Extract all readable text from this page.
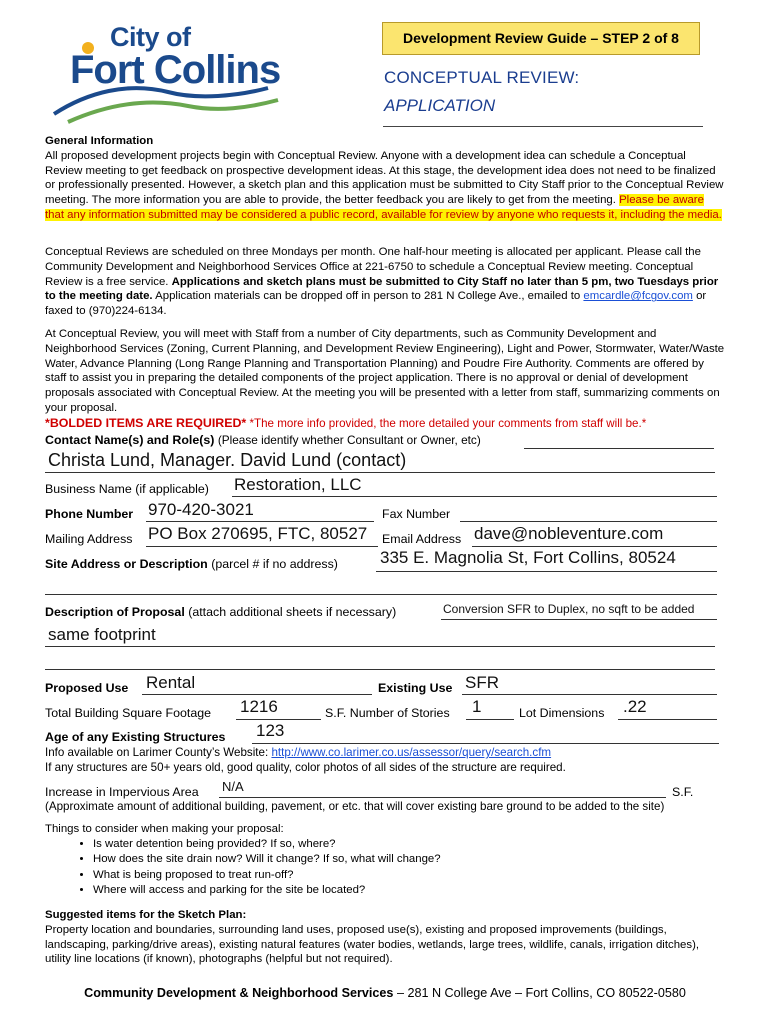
City of
Fort Collins
Development Review Guide – STEP 2 of 8
CONCEPTUAL REVIEW:
APPLICATION
General Information
All proposed development projects begin with Conceptual Review. Anyone with a development idea can schedule a Conceptual Review meeting to get feedback on prospective development ideas. At this stage, the development idea does not need to be finalized or professionally presented. However, a sketch plan and this application must be submitted to City Staff prior to the Conceptual Review meeting. The more information you are able to provide, the better feedback you are likely to get from the meeting. Please be aware that any information submitted may be considered a public record, available for review by anyone who requests it, including the media.
Conceptual Reviews are scheduled on three Mondays per month. One half-hour meeting is allocated per applicant. Please call the Community Development and Neighborhood Services Office at 221-6750 to schedule a Conceptual Review meeting. Conceptual Review is a free service. Applications and sketch plans must be submitted to City Staff no later than 5 pm, two Tuesdays prior to the meeting date. Application materials can be dropped off in person to 281 N College Ave., emailed to emcardle@fcgov.com or faxed to (970)224-6134.
At Conceptual Review, you will meet with Staff from a number of City departments, such as Community Development and Neighborhood Services (Zoning, Current Planning, and Development Review Engineering), Light and Power, Stormwater, Water/Waste Water, Advance Planning (Long Range Planning and Transportation Planning) and Poudre Fire Authority. Comments are offered by staff to assist you in preparing the detailed components of the project application. There is no approval or denial of development proposals associated with Conceptual Review. At the meeting you will be presented with a letter from staff, summarizing comments on your proposal.
*BOLDED ITEMS ARE REQUIRED* *The more info provided, the more detailed your comments from staff will be.*
Contact Name(s) and Role(s) (Please identify whether Consultant or Owner, etc)
Christa Lund, Manager. David Lund (contact)
Business Name (if applicable) Restoration, LLC
Phone Number 970-420-3021	Fax Number
Mailing Address PO Box 270695, FTC, 80527 Email Address dave@nobleventure.com
Site Address or Description (parcel # if no address) 335 E. Magnolia St, Fort Collins, 80524
Description of Proposal (attach additional sheets if necessary)	Conversion SFR to Duplex, no sqft to be added
same footprint
Proposed Use Rental	Existing Use SFR
Total Building Square Footage 1216	S.F. Number of Stories 1	Lot Dimensions .22
Age of any Existing Structures 123
Info available on Larimer County’s Website: http://www.co.larimer.co.us/assessor/query/search.cfm
If any structures are 50+ years old, good quality, color photos of all sides of the structure are required.
Increase in Impervious Area N/A	S.F.
(Approximate amount of additional building, pavement, or etc. that will cover existing bare ground to be added to the site)
Things to consider when making your proposal:
• Is water detention being provided? If so, where?
• How does the site drain now? Will it change? If so, what will change?
• What is being proposed to treat run-off?
• Where will access and parking for the site be located?
Suggested items for the Sketch Plan:
Property location and boundaries, surrounding land uses, proposed use(s), existing and proposed improvements (buildings, landscaping, parking/drive areas), existing natural features (water bodies, wetlands, large trees, wildlife, canals, irrigation ditches), utility line locations (if known), photographs (helpful but not required).
Community Development & Neighborhood Services – 281 N College Ave – Fort Collins, CO 80522-0580
